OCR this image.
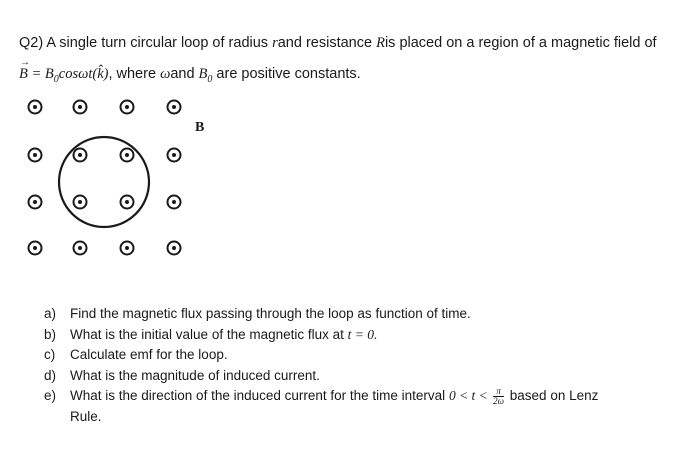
Q2) A single turn circular loop of radius rand resistance Ris placed on a region of a magnetic field of
→ $B = B_0\cos\omega t(k̂)$, where ωand $B_0$ are positive constants.
B
a) Find the magnetic flux passing through the loop as function of time.
b) What is the initial value of the magnetic flux at t = 0.
c) Calculate emf for the loop.
d) What is the magnitude of induced current.
e) What is the direction of the induced current for the time interval $0 < t < \frac{\pi}{2\omega}$ based on Lenz
Rule.
